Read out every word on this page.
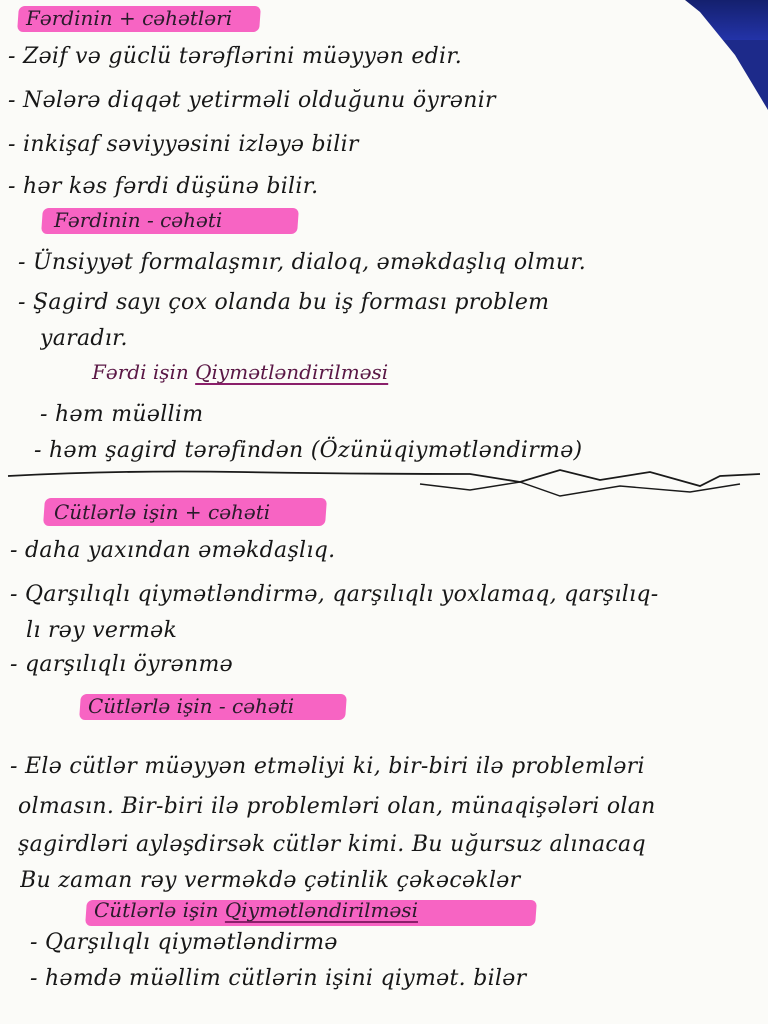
Fərdinin + cəhətləri
- Zəif və güclü tərəflərini müəyyən edir.
- Nələrə diqqət yetirməli olduğunu öyrənir
- inkişaf səviyyəsini izləyə bilir
- hər kəs fərdi düşünə bilir.
Fərdinin - cəhəti
- Ünsiyyət formalaşmır, dialoq, əməkdaşlıq olmur.
- Şagird sayı çox olanda bu iş forması problem
yaradır.
Fərdi işin Qiymətləndirilməsi
- həm müəllim
- həm şagird tərəfindən (Özünüqiymətləndirmə)
Cütlərlə işin + cəhəti
- daha yaxından əməkdaşlıq.
- Qarşılıqlı qiymətləndirmə, qarşılıqlı yoxlamaq, qarşılıq-
lı rəy vermək
- qarşılıqlı öyrənmə
Cütlərlə işin - cəhəti
- Elə cütlər müəyyən etməliyi ki, bir-biri ilə problemləri
olmasın. Bir-biri ilə problemləri olan, münaqişələri olan
şagirdləri ayləşdirsək cütlər kimi. Bu uğursuz alınacaq
Bu zaman rəy verməkdə çətinlik çəkəcəklər
Cütlərlə işin Qiymətləndirilməsi
- Qarşılıqlı qiymətləndirmə
- həmdə müəllim cütlərin işini qiymət. bilər
